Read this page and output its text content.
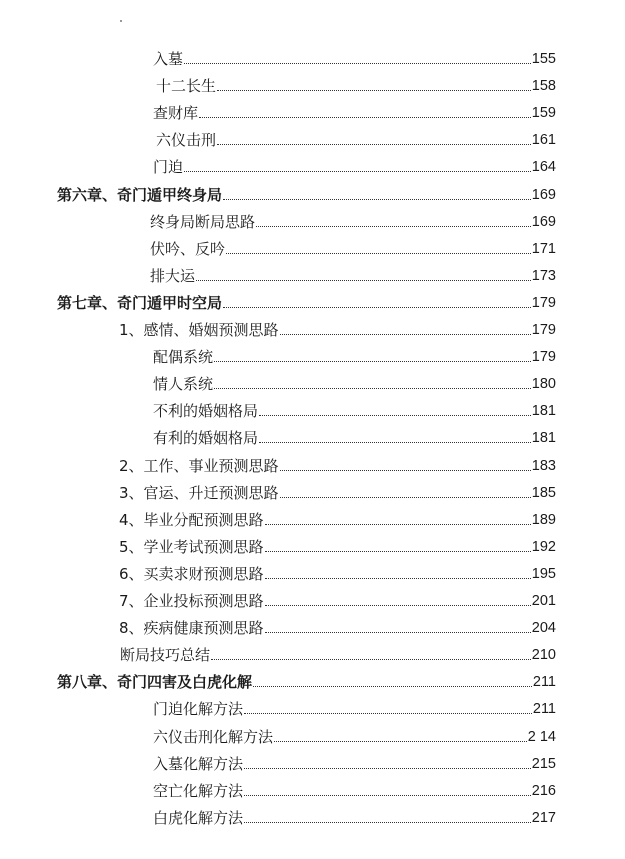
入墓	155
十二长生	158
查财库	159
六仪击刑	161
门迫	164
第六章、奇门遁甲终身局	169
终身局断局思路	169
伏吟、反吟	171
排大运	173
第七章、奇门遁甲时空局	179
1、感情、婚姻预测思路	179
配偶系统	179
情人系统	180
不利的婚姻格局	181
有利的婚姻格局	181
2、工作、事业预测思路	183
3、官运、升迁预测思路	185
4、毕业分配预测思路	189
5、学业考试预测思路	192
6、买卖求财预测思路	195
7、企业投标预测思路	201
8、疾病健康预测思路	204
断局技巧总结	210
第八章、奇门四害及白虎化解	211
门迫化解方法	211
六仪击刑化解方法	2 14
入墓化解方法	215
空亡化解方法	216
白虎化解方法	217
